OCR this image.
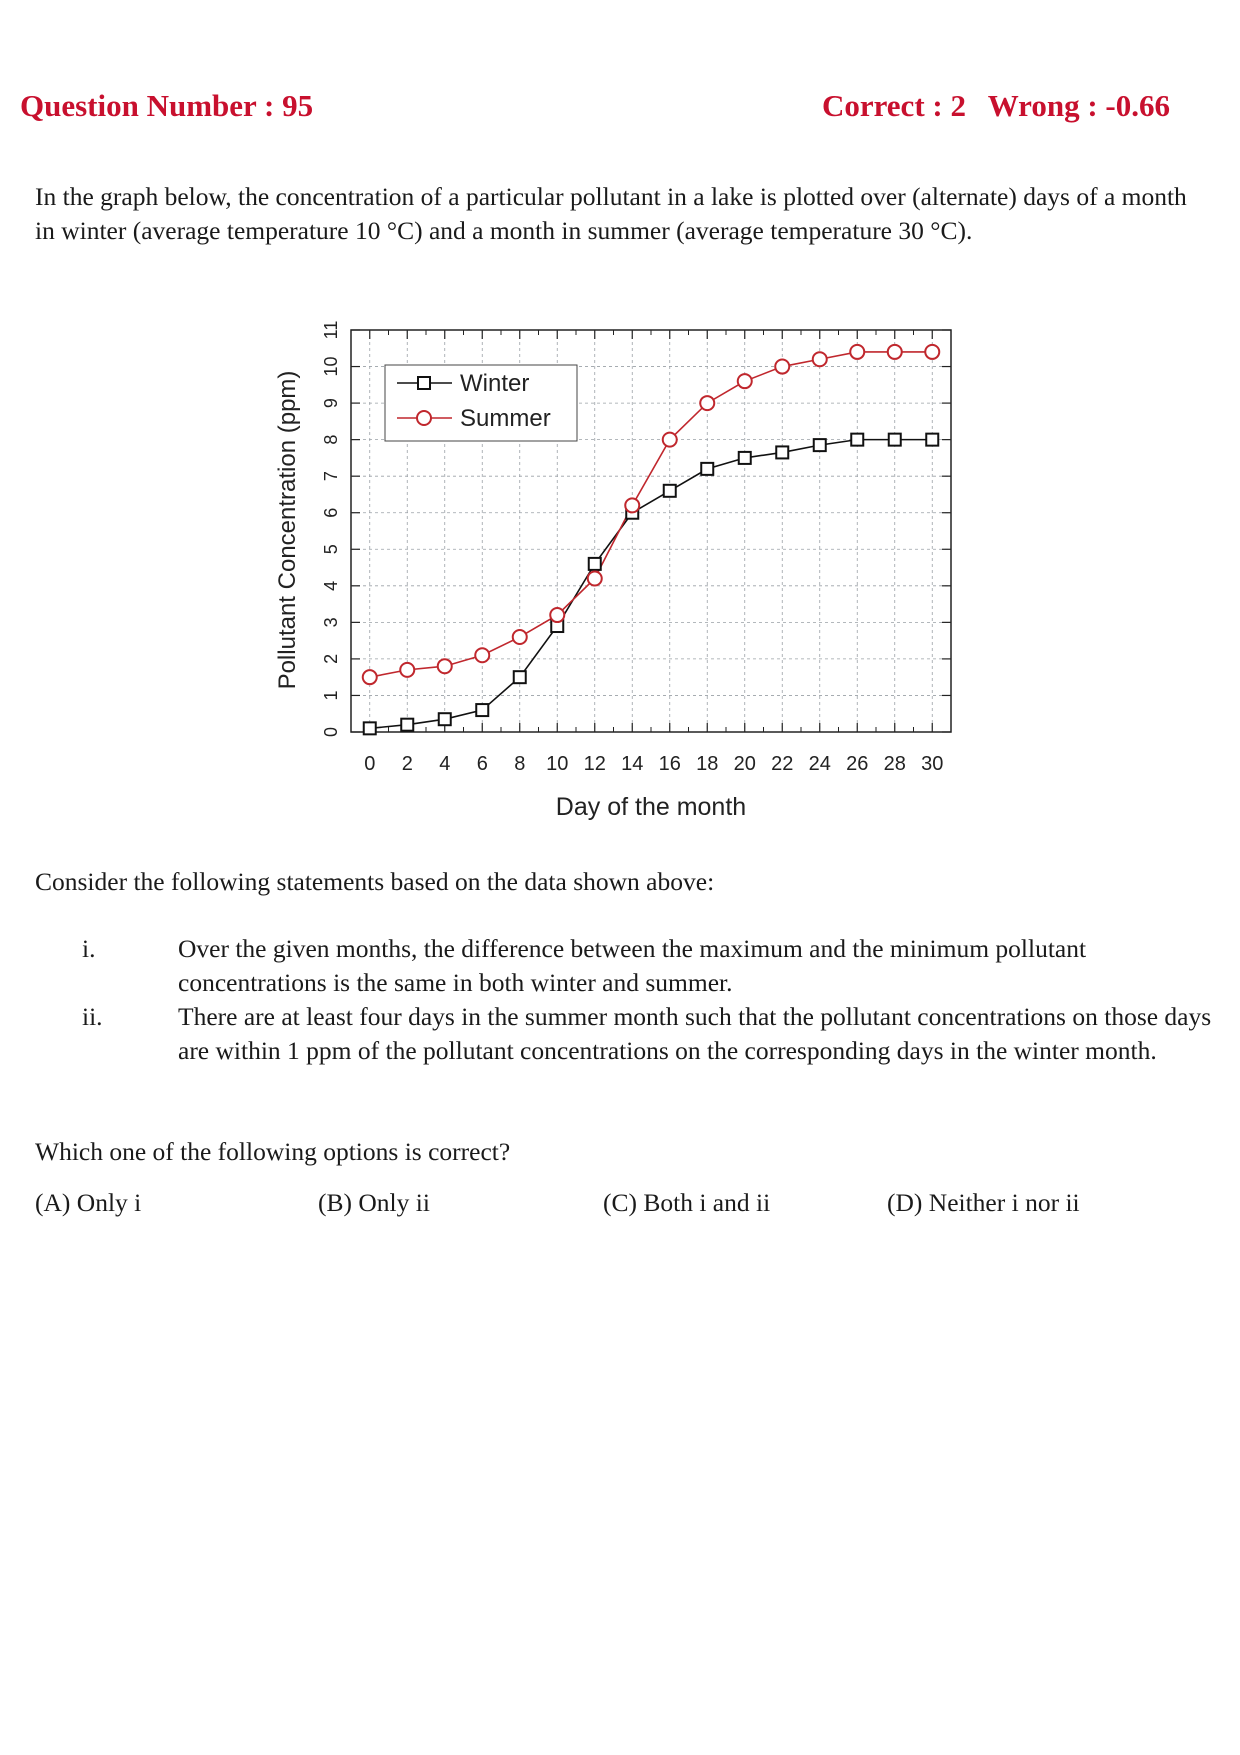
Question Number : 95	Correct : 2 Wrong : -0.66
In the graph below, the concentration of a particular pollutant in a lake is plotted over (alternate) days of a month in winter (average temperature 10 °C) and a month in summer (average temperature 30 °C).
0 2 4 6 8 10 12 14 16 18 20 22 24 26 28 30
0
1
2
3
4
5
6
7
8
9
10
11
Day of the month
Pollutant Concentration (ppm)	Winter
Summer
Consider the following statements based on the data shown above:
i.	Over the given months, the difference between the maximum and the minimum pollutant concentrations is the same in both winter and summer.
ii.	There are at least four days in the summer month such that the pollutant concentrations on those days are within 1 ppm of the pollutant concentrations on the corresponding days in the winter month.
Which one of the following options is correct?
(A) Only i	(B) Only ii	(C) Both i and ii	(D) Neither i nor ii
